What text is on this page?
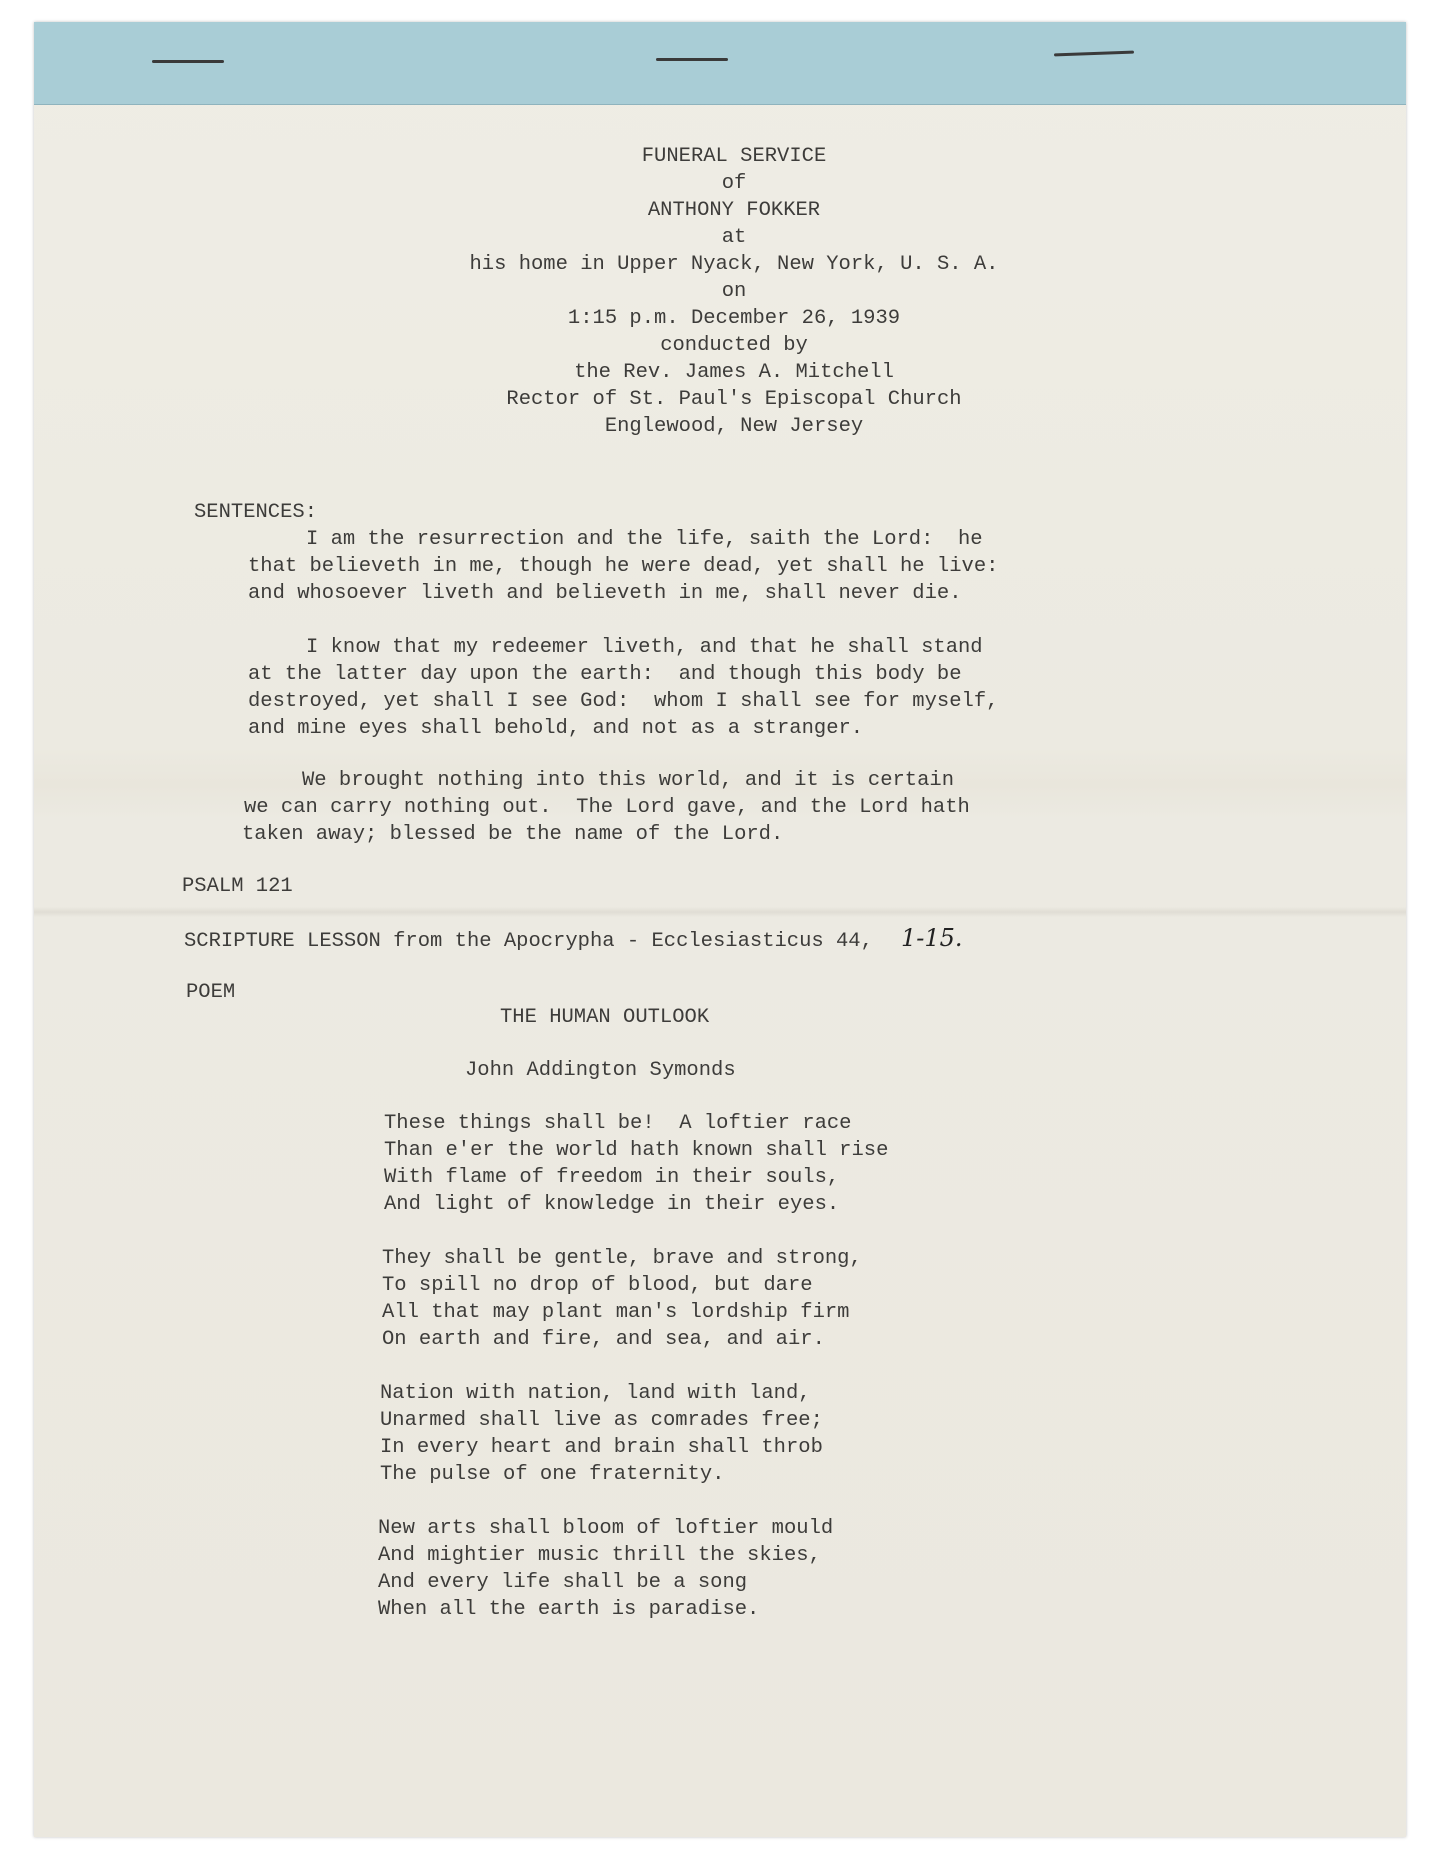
FUNERAL SERVICE
of
ANTHONY FOKKER
at
his home in Upper Nyack, New York, U. S. A.
on
1:15 p.m. December 26, 1939
conducted by
the Rev. James A. Mitchell
Rector of St. Paul's Episcopal Church
Englewood, New Jersey
SENTENCES:
I am the resurrection and the life, saith the Lord:  he
that believeth in me, though he were dead, yet shall he live:
and whosoever liveth and believeth in me, shall never die.
I know that my redeemer liveth, and that he shall stand
at the latter day upon the earth:  and though this body be
destroyed, yet shall I see God:  whom I shall see for myself,
and mine eyes shall behold, and not as a stranger.
We brought nothing into this world, and it is certain
we can carry nothing out.  The Lord gave, and the Lord hath
taken away; blessed be the name of the Lord.
PSALM 121
SCRIPTURE LESSON from the Apocrypha - Ecclesiasticus 44, 1-15.
POEM
THE HUMAN OUTLOOK
John Addington Symonds
These things shall be!  A loftier race
Than e'er the world hath known shall rise
With flame of freedom in their souls,
And light of knowledge in their eyes.
They shall be gentle, brave and strong,
To spill no drop of blood, but dare
All that may plant man's lordship firm
On earth and fire, and sea, and air.
Nation with nation, land with land,
Unarmed shall live as comrades free;
In every heart and brain shall throb
The pulse of one fraternity.
New arts shall bloom of loftier mould
And mightier music thrill the skies,
And every life shall be a song
When all the earth is paradise.
